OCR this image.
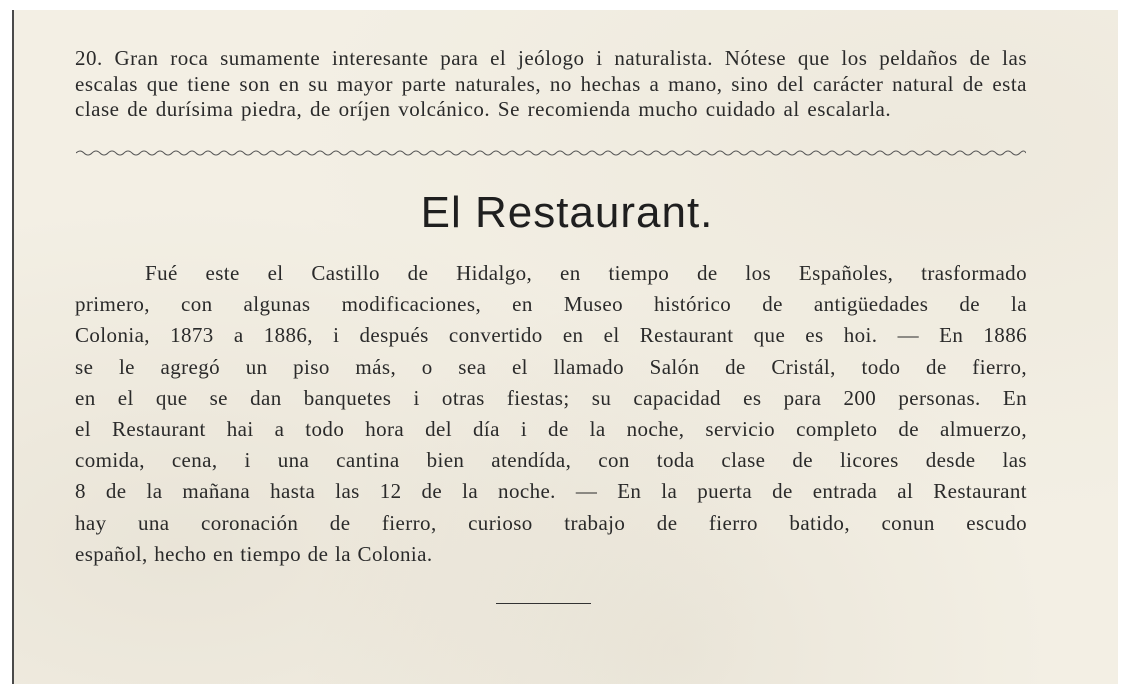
20. Gran roca sumamente interesante para el jeólogo i naturalista. Nótese que los peldaños de las escalas que tiene son en su mayor parte naturales, no hechas a mano, sino del carácter natural de esta clase de durísima piedra, de oríjen volcánico. Se recomienda mucho cuidado al escalarla.

El Restaurant.
Fué este el Castillo de Hidalgo, en tiempo de los Españoles, trasformado
primero, con algunas modificaciones, en Museo histórico de antigüedades de la
Colonia, 1873 a 1886, i después convertido en el Restaurant que es hoi. — En 1886
se le agregó un piso más, o sea el llamado Salón de Cristál, todo de fierro,
en el que se dan banquetes i otras fiestas; su capacidad es para 200 personas. En
el Restaurant hai a todo hora del día i de la noche, servicio completo de almuerzo,
comida, cena, i una cantina bien atendída, con toda clase de licores desde las
8 de la mañana hasta las 12 de la noche. — En la puerta de entrada al Restaurant
hay una coronación de fierro, curioso trabajo de fierro batido, conun escudo
español, hecho en tiempo de la Colonia.
